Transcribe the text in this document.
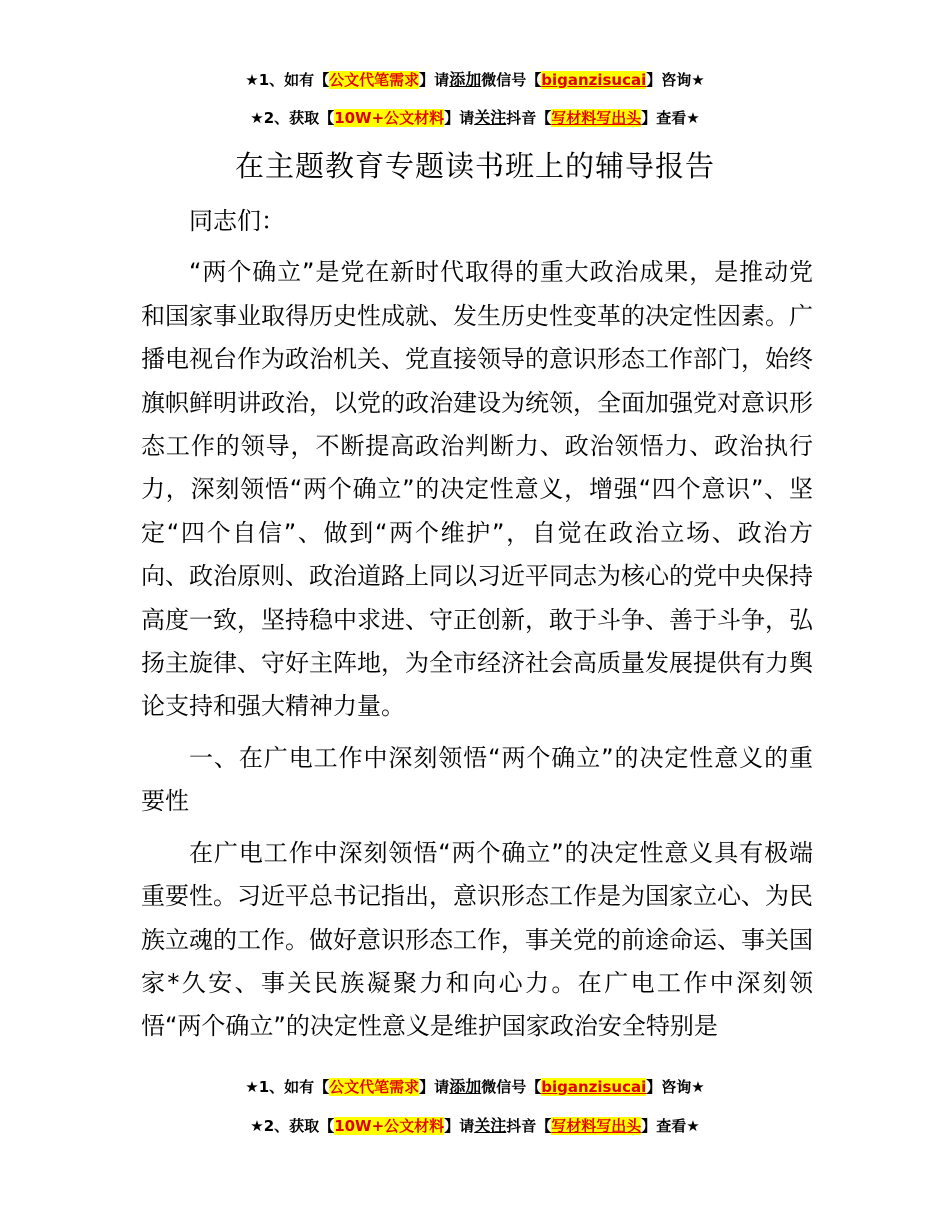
★1、如有【公文代笔需求】请添加微信号【biganzisucai】咨询★
★2、获取【10W+公文材料】请关注抖音【写材料写出头】查看★
在主题教育专题读书班上的辅导报告

同志们：

“两个确立”是党在新时代取得的重大政治成果，是推动党和国家事业取得历史性成就、发生历史性变革的决定性因素。广播电视台作为政治机关、党直接领导的意识形态工作部门，始终旗帜鲜明讲政治，以党的政治建设为统领，全面加强党对意识形态工作的领导，不断提高政治判断力、政治领悟力、政治执行力，深刻领悟“两个确立”的决定性意义，增强“四个意识”、坚定“四个自信”、做到“两个维护”，自觉在政治立场、政治方向、政治原则、政治道路上同以习近平同志为核心的党中央保持高度一致，坚持稳中求进、守正创新，敢于斗争、善于斗争，弘扬主旋律、守好主阵地，为全市经济社会高质量发展提供有力舆论支持和强大精神力量。

一、在广电工作中深刻领悟“两个确立”的决定性意义的重要性

在广电工作中深刻领悟“两个确立”的决定性意义具有极端重要性。习近平总书记指出，意识形态工作是为国家立心、为民族立魂的工作。做好意识形态工作，事关党的前途命运、事关国家*久安、事关民族凝聚力和向心力。在广电工作中深刻领悟“两个确立”的决定性意义是维护国家政治安全特别是

★1、如有【公文代笔需求】请添加微信号【biganzisucai】咨询★
★2、获取【10W+公文材料】请关注抖音【写材料写出头】查看★
